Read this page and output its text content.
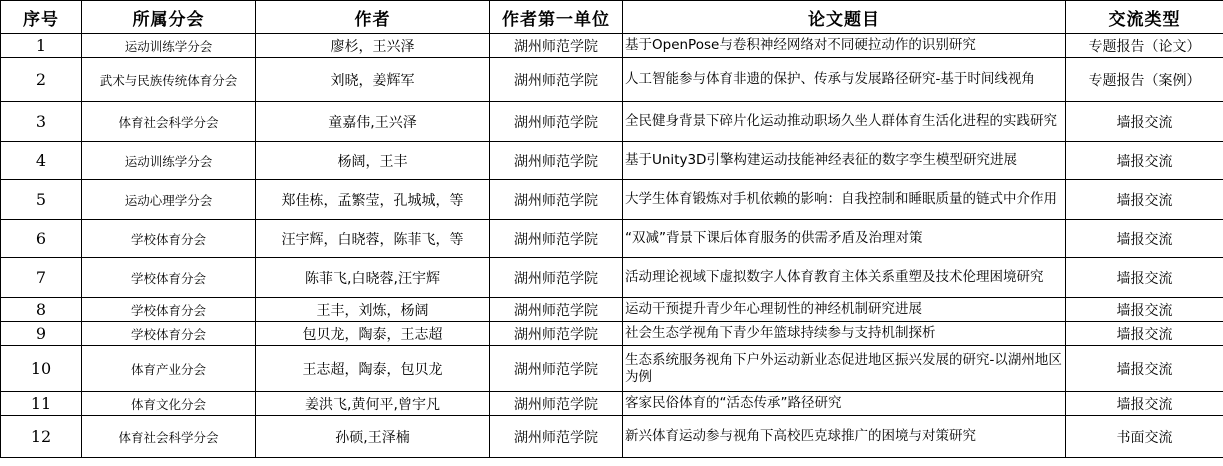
序号	所属分会	作者	作者第一单位	论文题目	交流类型
1	运动训练学分会	廖杉，王兴泽	湖州师范学院	基于OpenPose与卷积神经网络对不同硬拉动作的识别研究	专题报告（论文）
2	武术与民族传统体育分会	刘晓，姜辉军	湖州师范学院	人工智能参与体育非遗的保护、传承与发展路径研究-基于时间线视角	专题报告（案例）
3	体育社会科学分会	童嘉伟,王兴泽	湖州师范学院	全民健身背景下碎片化运动推动职场久坐人群体育生活化进程的实践研究	墙报交流
4	运动训练学分会	杨阔，王丰	湖州师范学院	基于Unity3D引擎构建运动技能神经表征的数字孪生模型研究进展	墙报交流
5	运动心理学分会	郑佳栋，孟繁莹，孔城城，等	湖州师范学院	大学生体育锻炼对手机依赖的影响：自我控制和睡眠质量的链式中介作用	墙报交流
6	学校体育分会	汪宇辉，白晓蓉，陈菲飞，等	湖州师范学院	“双减”背景下课后体育服务的供需矛盾及治理对策	墙报交流
7	学校体育分会	陈菲飞,白晓蓉,汪宇辉	湖州师范学院	活动理论视域下虚拟数字人体育教育主体关系重塑及技术伦理困境研究	墙报交流
8	学校体育分会	王丰，刘炼，杨阔	湖州师范学院	运动干预提升青少年心理韧性的神经机制研究进展	墙报交流
9	学校体育分会	包贝龙，陶泰，王志超	湖州师范学院	社会生态学视角下青少年篮球持续参与支持机制探析	墙报交流
10	体育产业分会	王志超，陶泰，包贝龙	湖州师范学院	生态系统服务视角下户外运动新业态促进地区振兴发展的研究-以湖州地区为例	墙报交流
11	体育文化分会	姜洪飞,黄何平,曾宇凡	湖州师范学院	客家民俗体育的“活态传承”路径研究	墙报交流
12	体育社会科学分会	孙硕,王泽楠	湖州师范学院	新兴体育运动参与视角下高校匹克球推广的困境与对策研究	书面交流
